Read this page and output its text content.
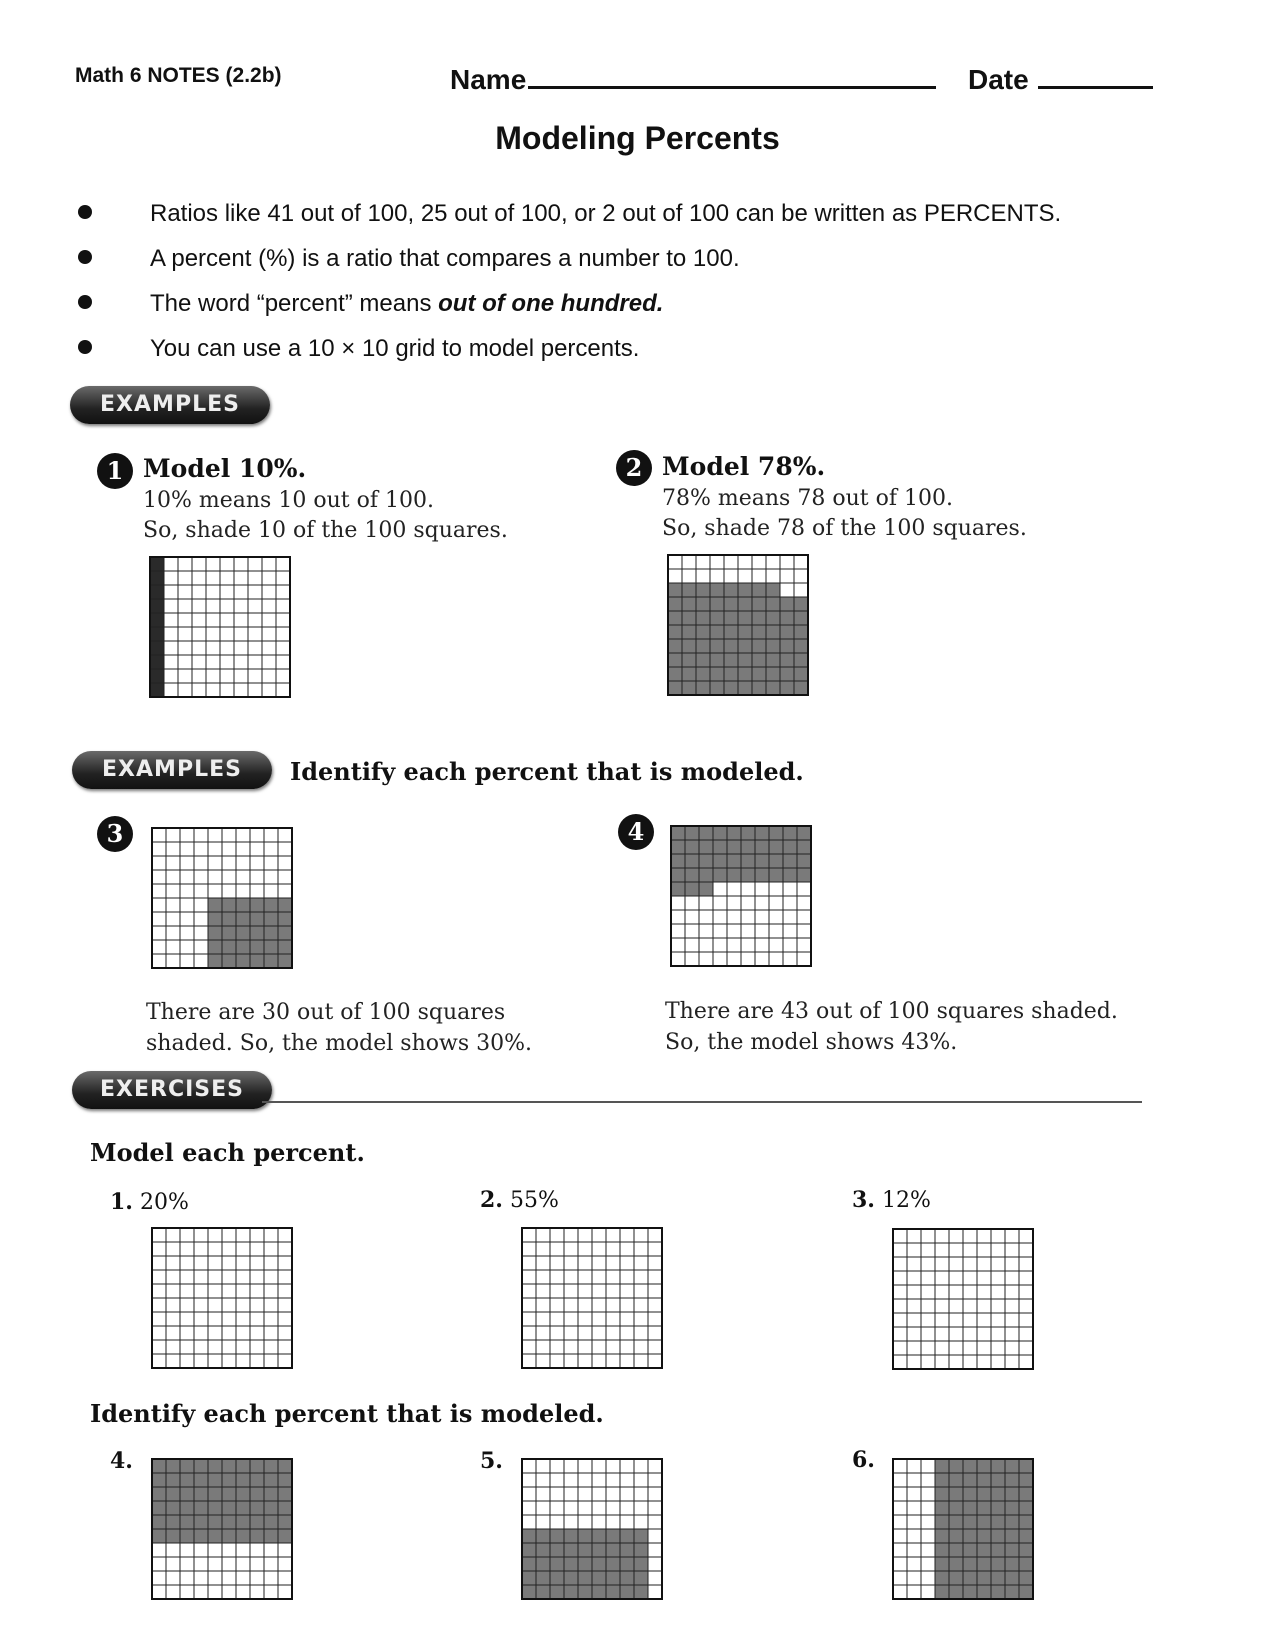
Math 6 NOTES (2.2b)	Name	Date
Modeling Percents
Ratios like 41 out of 100, 25 out of 100, or 2 out of 100 can be written as PERCENTS.
A percent (%) is a ratio that compares a number to 100.
The word “percent” means out of one hundred.
You can use a 10 × 10 grid to model percents.
EXAMPLES
1 Model 10%.
10% means 10 out of 100.
So, shade 10 of the 100 squares.
2 Model 78%.
78% means 78 out of 100.
So, shade 78 of the 100 squares.
EXAMPLES	Identify each percent that is modeled.
3
There are 30 out of 100 squares
shaded. So, the model shows 30%.
4
There are 43 out of 100 squares shaded.
So, the model shows 43%.
EXERCISES
Model each percent.
1. 20%	2. 55%	3. 12%
Identify each percent that is modeled.
4.	5.	6.
